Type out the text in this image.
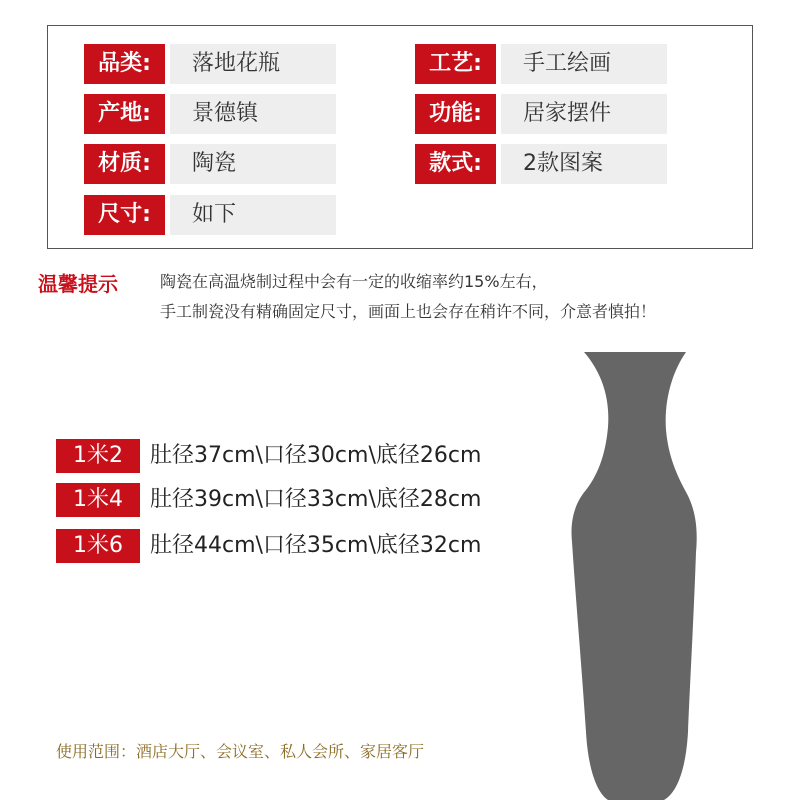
品类:	落地花瓶	工艺:	手工绘画
产地:	景德镇	功能:	居家摆件
材质:	陶瓷	款式:	2款图案
尺寸:	如下
温馨提示	陶瓷在高温烧制过程中会有一定的收缩率约15%左右，
手工制瓷没有精确固定尺寸，画面上也会存在稍许不同，介意者慎拍！
1米2	肚径37cm\口径30cm\底径26cm
1米4	肚径39cm\口径33cm\底径28cm
1米6	肚径44cm\口径35cm\底径32cm
使用范围：酒店大厅、会议室、私人会所、家居客厅
